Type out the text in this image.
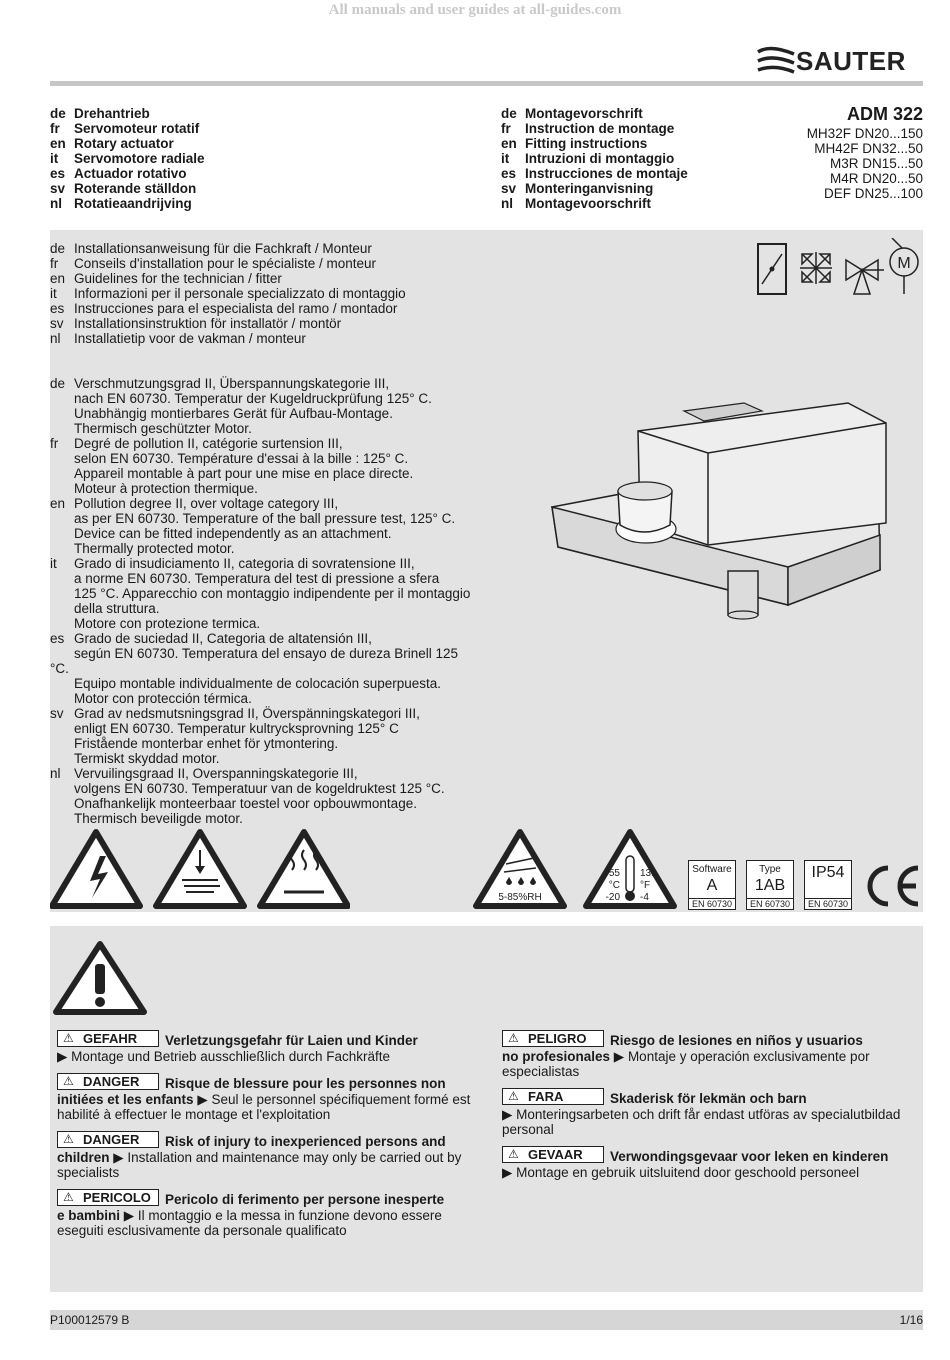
All manuals and user guides at all-guides.com
SAUTER
de Drehantrieb
fr	Servomoteur rotatif
en Rotary actuator
it	Servomotore radiale
es Actuador rotativo
sv Roterande ställdon
nl Rotatieaandrijving
de Montagevorschrift
fr	Instruction de montage
en Fitting instructions
it	Intruzioni di montaggio
es Instrucciones de montaje
sv Monteringanvisning
nl Montagevoorschrift
ADM 322
MH32F DN20...150
MH42F DN32...50
M3R DN15...50
M4R DN20...50
DEF DN25...100
de Installationsanweisung für die Fachkraft / Monteur
fr	Conseils d'installation pour le spécialiste / monteur
en Guidelines for the technician / fitter
it	Informazioni per il personale specializzato di montaggio
es Instrucciones para el especialista del ramo / montador
sv Installationsinstruktion för installatör / montör
nl Installatietip voor de vakman / monteur
M
de Verschmutzungsgrad II, Überspannungskategorie III,
nach EN 60730. Temperatur der Kugeldruckprüfung 125° C.
Unabhängig montierbares Gerät für Aufbau-Montage.
Thermisch geschützter Motor.
fr	Degré de pollution II, catégorie surtension III,
selon EN 60730. Température d'essai à la bille : 125° C.
Appareil montable à part pour une mise en place directe.
Moteur à protection thermique.
en Pollution degree II, over voltage category III,
as per EN 60730. Temperature of the ball pressure test, 125° C.
Device can be fitted independently as an attachment.
Thermally protected motor.
it	Grado di insudiciamento II, categoria di sovratensione III,
a norme EN 60730. Temperatura del test di pressione a sfera
125 °C. Apparecchio con montaggio indipendente per il montaggio
della struttura.
Motore con protezione termica.
es Grado de suciedad II, Categoria de altatensión III,
según EN 60730. Temperatura del ensayo de dureza Brinell 125
°C.
Equipo montable individualmente de colocación superpuesta.
Motor con protección térmica.
sv Grad av nedsmutsningsgrad II, Överspänningskategori III,
enligt EN 60730. Temperatur kultrycksprovning 125° C
Fristående monterbar enhet för ytmontering.
Termiskt skyddad motor.
nl Vervuilingsgraad II, Overspanningskategorie III,
volgens EN 60730. Temperatuur van de kogeldruktest 125 °C.
Onafhankelijk monteerbaar toestel voor opbouwmontage.
Thermisch beveiligde motor.
5-85%RH
55
°C
-20
131
°F
-4
Software
A
EN 60730
Type
1AB
EN 60730
IP54
EN 60730
⚠ GEFAHR Verletzungsgefahr für Laien und Kinder
▶ Montage und Betrieb ausschließlich durch Fachkräfte
⚠ DANGER Risque de blessure pour les personnes non
initiées et les enfants ▶ Seul le personnel spécifiquement formé est habilité à effectuer le montage et l'exploitation
⚠ DANGER Risk of injury to inexperienced persons and
children ▶ Installation and maintenance may only be carried out by specialists
⚠ PERICOLO Pericolo di ferimento per persone inesperte
e bambini ▶ Il montaggio e la messa in funzione devono essere eseguiti esclusivamente da personale qualificato
⚠ PELIGRO Riesgo de lesiones en niños y usuarios
no profesionales ▶ Montaje y operación exclusivamente por especialistas
⚠ FARA	Skaderisk för lekmän och barn
▶ Monteringsarbeten och drift får endast utföras av specialutbildad personal
⚠ GEVAAR Verwondingsgevaar voor leken en kinderen
▶ Montage en gebruik uitsluitend door geschoold personeel
P100012579 B	1/16
